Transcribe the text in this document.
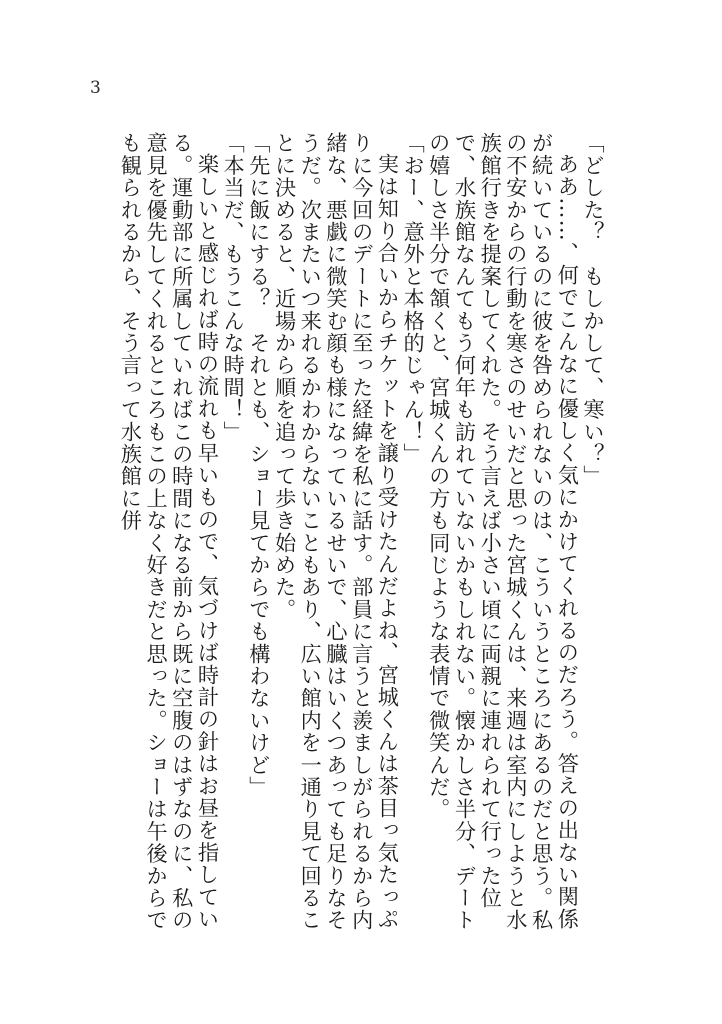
3

「どした？　もしかして、寒い？」

ああ……、何でこんなに優しく気にかけてくれるのだろう。答えの出ない関係が続いているのに彼を咎められないのは、こういうところにあるのだと思う。私の不安からの行動を寒さのせいだと思った宮城くんは、来週は室内にしようと水族館行きを提案してくれた。そう言えば小さい頃に両親に連れられて行った位で、水族館なんてもう何年も訪れていないかもしれない。懐かしさ半分、デートの嬉しさ半分で頷くと、宮城くんの方も同じような表情で微笑んだ。

「おー、意外と本格的じゃん！」

実は知り合いからチケットを譲り受けたんだよね、宮城くんは茶目っ気たっぷりに今回のデートに至った経緯を私に話す。部員に言うと羨ましがられるから内緒な、悪戯に微笑む顔も様になっているせいで、心臓はいくつあっても足りなそうだ。次またいつ来れるかわからないこともあり、広い館内を一通り見て回ることに決めると、近場から順を追って歩き始めた。

「先に飯にする？　それとも、ショー見てからでも構わないけど」

「本当だ、もうこんな時間！」

楽しいと感じれば時の流れも早いもので、気づけば時計の針はお昼を指している。運動部に所属していればこの時間になる前から既に空腹のはずなのに、私の意見を優先してくれるところもこの上なく好きだと思った。ショーは午後からでも観られるから、そう言って水族館に併
